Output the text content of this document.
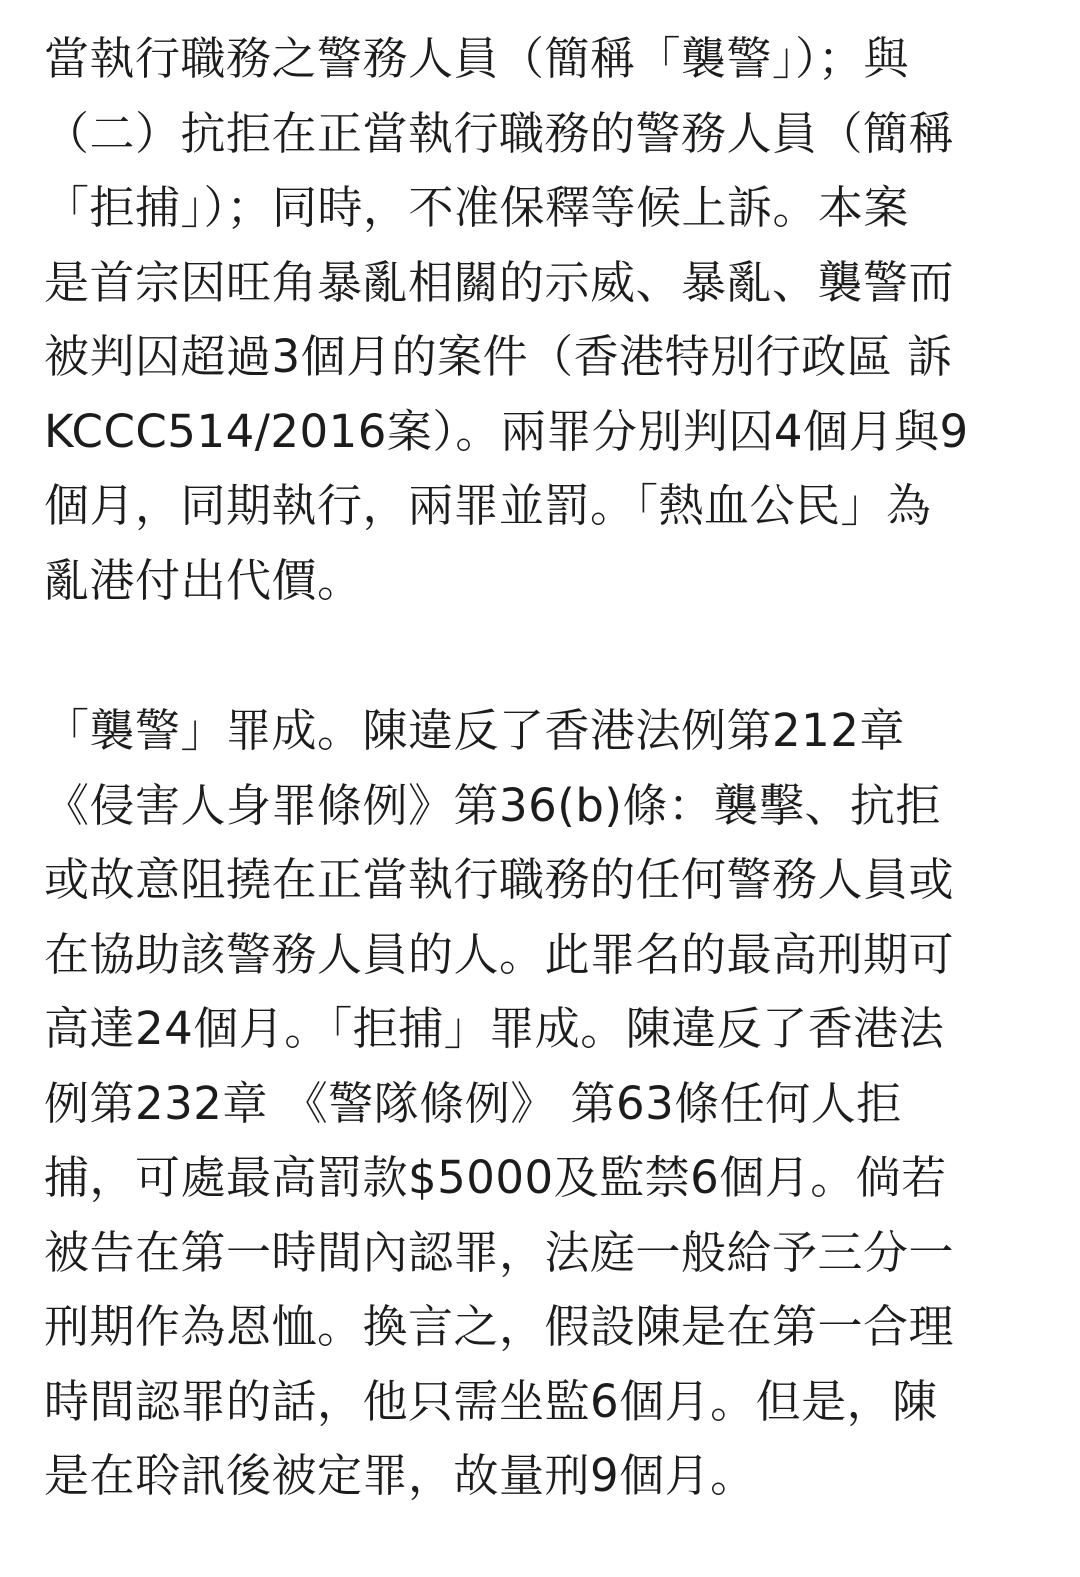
當執行職務之警務人員（簡稱「襲警」）；與
（二）抗拒在正當執行職務的警務人員（簡稱
「拒捕」）；同時，不准保釋等候上訴。本案
是首宗因旺角暴亂相關的示威、暴亂、襲警而
被判囚超過3個月的案件（香港特別行政區 訴
KCCC514/2016案）。兩罪分別判囚4個月與9
個月，同期執行，兩罪並罰。「熱血公民」為
亂港付出代價。
「襲警」罪成。陳違反了香港法例第212章
《侵害人身罪條例》第36(b)條：襲擊、抗拒
或故意阻撓在正當執行職務的任何警務人員或
在協助該警務人員的人。此罪名的最高刑期可
高達24個月。「拒捕」罪成。陳違反了香港法
例第232章 《警隊條例》 第63條任何人拒
捕，可處最高罰款$5000及監禁6個月。倘若
被告在第一時間內認罪，法庭一般給予三分一
刑期作為恩恤。換言之，假設陳是在第一合理
時間認罪的話，他只需坐監6個月。但是，陳
是在聆訊後被定罪，故量刑9個月。
